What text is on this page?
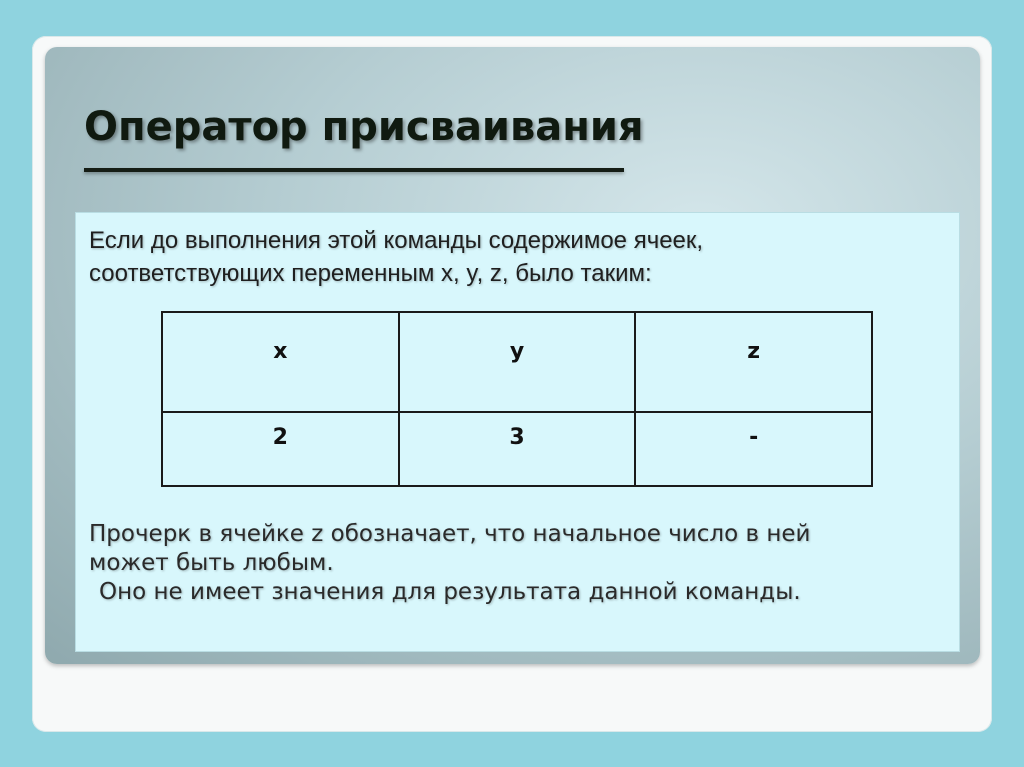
Оператор присваивания

Если до выполнения этой команды содержимое ячеек,
соответствующих переменным x, y, z, было таким:

x	y	z
2	3	-

Прочерк в ячейке z обозначает, что начальное число в ней
может быть любым.
Оно не имеет значения для результата данной команды.
